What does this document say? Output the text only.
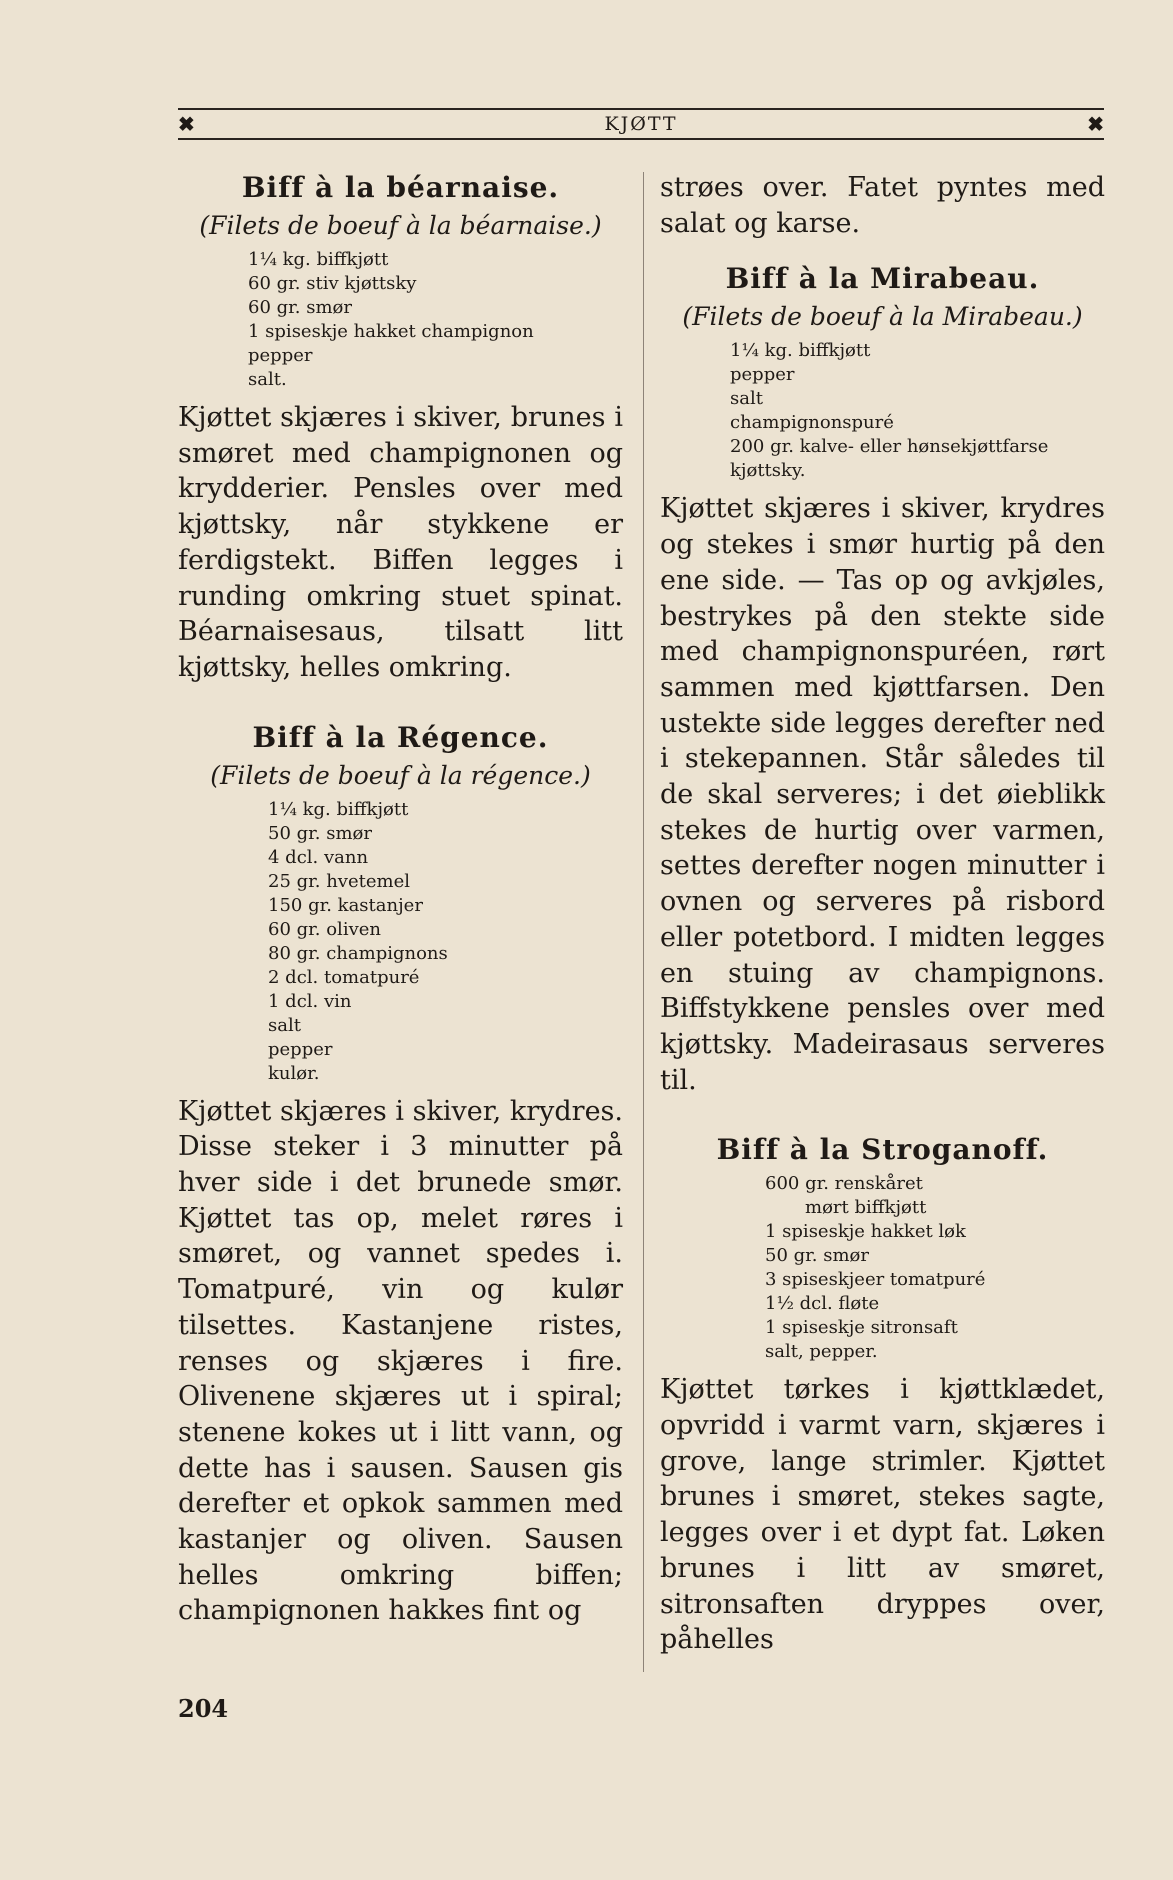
✖	KJØTT	✖
Biff à la béarnaise.
(Filets de boeuf à la béarnaise.)
1¼ kg. biffkjøtt
60 gr. stiv kjøttsky
60 gr. smør
1 spiseskje hakket champignon
pepper
salt.

Kjøttet skjæres i skiver, brunes i smøret med champignonen og krydderier. Pensles over med kjøttsky, når stykkene er ferdigstekt. Biffen legges i runding omkring stuet spinat. Béarnaisesaus, tilsatt litt kjøttsky, helles omkring.

Biff à la Régence.
(Filets de boeuf à la régence.)
1¼ kg. biffkjøtt
50 gr. smør
4 dcl. vann
25 gr. hvetemel
150 gr. kastanjer
60 gr. oliven
80 gr. champignons
2 dcl. tomatpuré
1 dcl. vin
salt
pepper
kulør.

Kjøttet skjæres i skiver, krydres. Disse steker i 3 minutter på hver side i det brunede smør. Kjøttet tas op, melet røres i smøret, og vannet spedes i. Tomatpuré, vin og kulør tilsettes. Kastanjene ristes, renses og skjæres i fire. Olivenene skjæres ut i spiral; stenene kokes ut i litt vann, og dette has i sausen. Sausen gis derefter et opkok sammen med kastanjer og oliven. Sausen helles omkring biffen; champignonen hakkes fint og

strøes over. Fatet pyntes med salat og karse.

Biff à la Mirabeau.
(Filets de boeuf à la Mirabeau.)
1¼ kg. biffkjøtt
pepper
salt
champignonspuré
200 gr. kalve- eller hønsekjøttfarse
kjøttsky.

Kjøttet skjæres i skiver, krydres og stekes i smør hurtig på den ene side. — Tas op og avkjøles, bestrykes på den stekte side med champignonspuréen, rørt sammen med kjøttfarsen. Den ustekte side legges derefter ned i stekepannen. Står således til de skal serveres; i det øieblikk stekes de hurtig over varmen, settes derefter nogen minutter i ovnen og serveres på risbord eller potetbord. I midten legges en stuing av champignons. Biffstykkene pensles over med kjøttsky. Madeirasaus serveres til.

Biff à la Stroganoff.
600 gr. renskåret
mørt biffkjøtt
1 spiseskje hakket løk
50 gr. smør
3 spiseskjeer tomatpuré
1½ dcl. fløte
1 spiseskje sitronsaft
salt, pepper.

Kjøttet tørkes i kjøttklædet, opvridd i varmt varn, skjæres i grove, lange strimler. Kjøttet brunes i smøret, stekes sagte, legges over i et dypt fat. Løken brunes i litt av smøret, sitronsaften dryppes over, påhelles

204
